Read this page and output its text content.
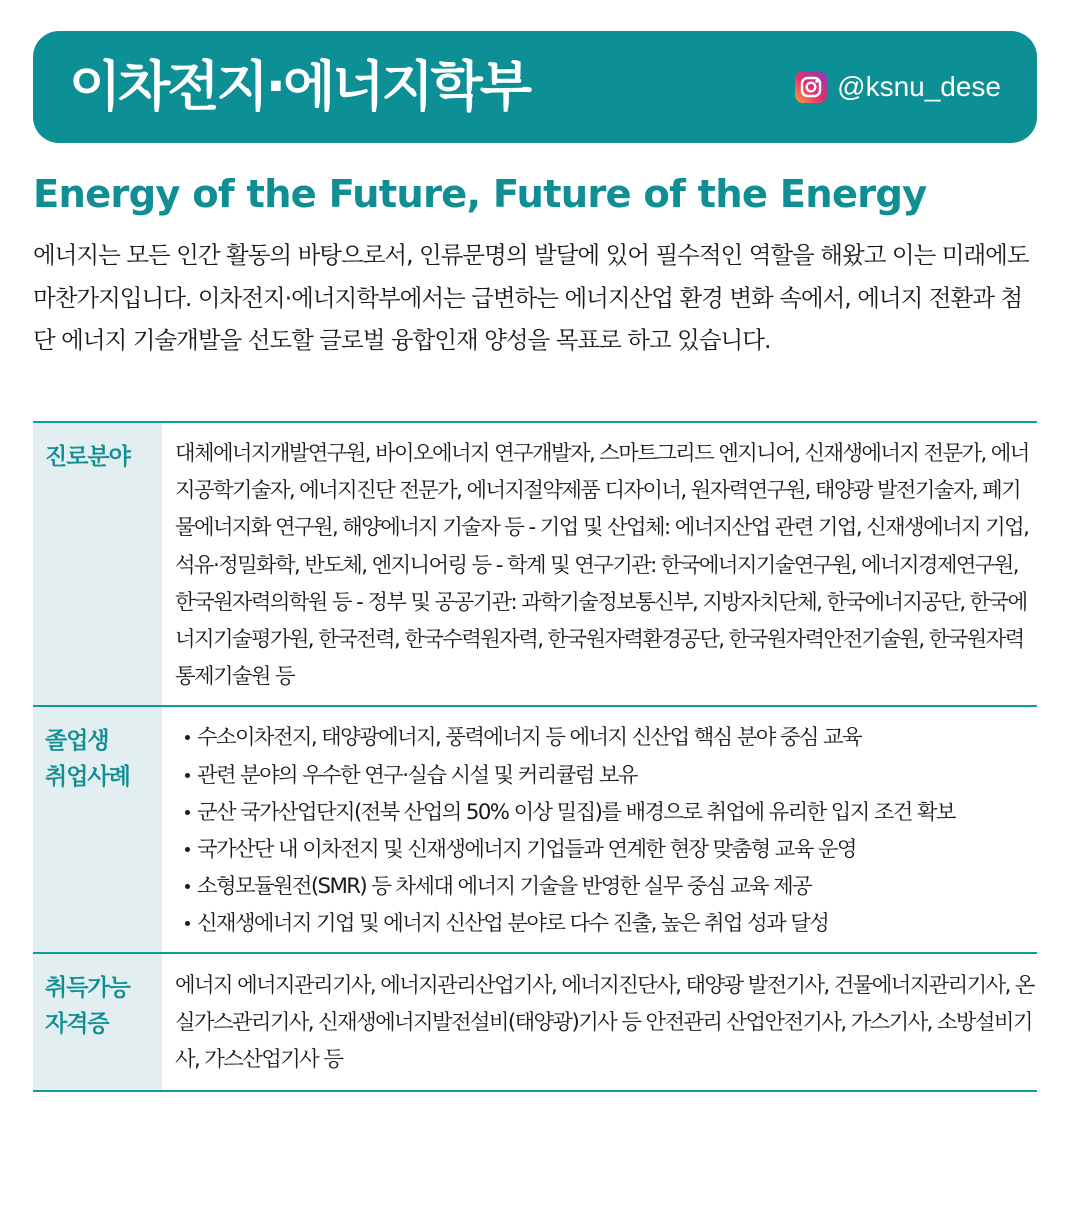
이차전지·에너지학부	@ksnu_dese
Energy of the Future, Future of the Energy
에너지는 모든 인간 활동의 바탕으로서, 인류문명의 발달에 있어 필수적인 역할을 해왔고 이는 미래에도 마찬가지입니다. 이차전지·에너지학부에서는 급변하는 에너지산업 환경 변화 속에서, 에너지 전환과 첨단 에너지 기술개발을 선도할 글로벌 융합인재 양성을 목표로 하고 있습니다.
진로분야	대체에너지개발연구원, 바이오에너지 연구개발자, 스마트그리드 엔지니어, 신재생에너지 전문가, 에너지공학기술자, 에너지진단 전문가, 에너지절약제품 디자이너, 원자력연구원, 태양광 발전기술자, 폐기물에너지화 연구원, 해양에너지 기술자 등 - 기업 및 산업체: 에너지산업 관련 기업, 신재생에너지 기업, 석유·정밀화학, 반도체, 엔지니어링 등 - 학계 및 연구기관: 한국에너지기술연구원, 에너지경제연구원, 한국원자력의학원 등 - 정부 및 공공기관: 과학기술정보통신부, 지방자치단체, 한국에너지공단, 한국에너지기술평가원, 한국전력, 한국수력원자력, 한국원자력환경공단, 한국원자력안전기술원, 한국원자력통제기술원 등
졸업생
취업사례
수소이차전지, 태양광에너지, 풍력에너지 등 에너지 신산업 핵심 분야 중심 교육
관련 분야의 우수한 연구·실습 시설 및 커리큘럼 보유
군산 국가산업단지(전북 산업의 50% 이상 밀집)를 배경으로 취업에 유리한 입지 조건 확보
국가산단 내 이차전지 및 신재생에너지 기업들과 연계한 현장 맞춤형 교육 운영
소형모듈원전(SMR) 등 차세대 에너지 기술을 반영한 실무 중심 교육 제공
신재생에너지 기업 및 에너지 신산업 분야로 다수 진출, 높은 취업 성과 달성
취득가능
자격증
에너지 에너지관리기사, 에너지관리산업기사, 에너지진단사, 태양광 발전기사, 건물에너지관리기사, 온실가스관리기사, 신재생에너지발전설비(태양광)기사 등 안전관리 산업안전기사, 가스기사, 소방설비기사, 가스산업기사 등
